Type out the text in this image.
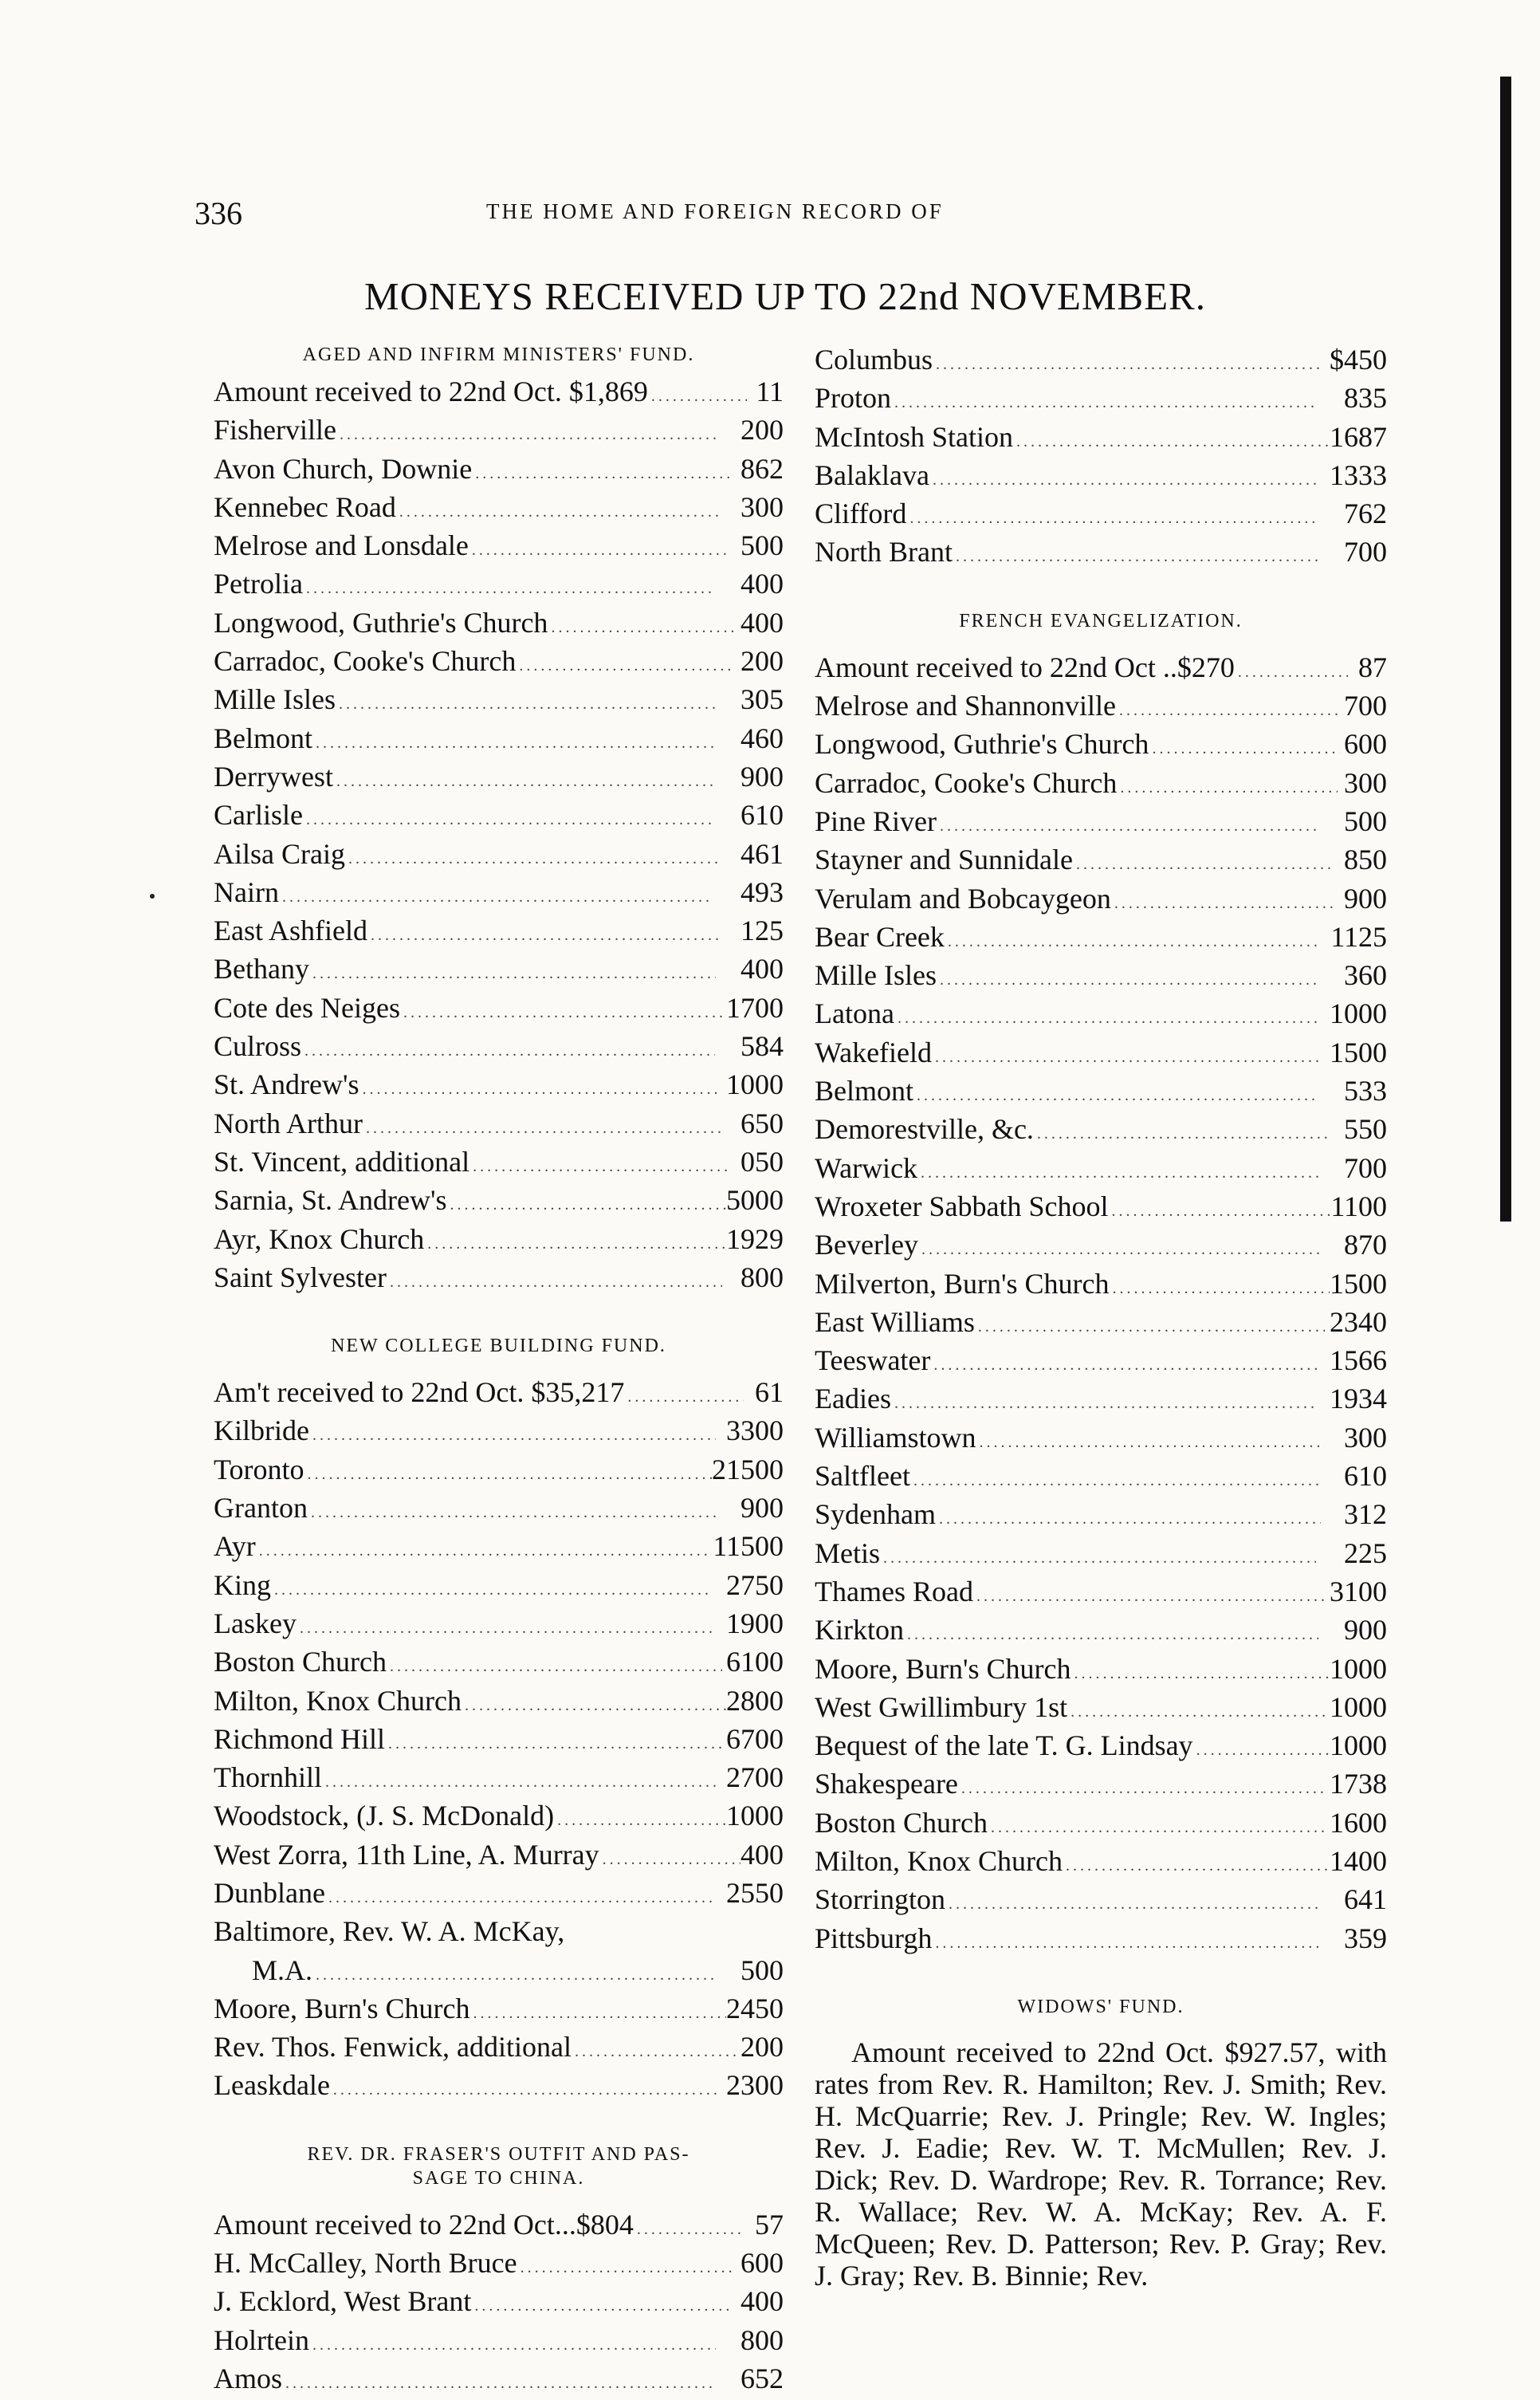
336	THE HOME AND FOREIGN RECORD OF
MONEYS RECEIVED UP TO 22nd NOVEMBER.
AGED AND INFIRM MINISTERS' FUND.
Amount received to 22nd Oct. $1,869 .....	11
Fisherville .....	2 00
Avon Church, Downie .....	8 62
Kennebec Road .....	3 00
Melrose and Lonsdale .....	5 00
Petrolia .....	4 00
Longwood, Guthrie's Church .....	4 00
Carradoc, Cooke's Church .....	2 00
Mille Isles .....	3 05
Belmont .....	4 60
Derrywest .....	9 00
Carlisle .....	6 10
Ailsa Craig .....	4 61
Nairn .....	4 93
East Ashfield .....	1 25
Bethany .....	4 00
Cote des Neiges .....	17 00
Culross .....	5 84
St. Andrew's .....	10 00
North Arthur .....	6 50
St. Vincent, additional .....	0 50
Sarnia, St. Andrew's .....	50 00
Ayr, Knox Church .....	19 29
Saint Sylvester .....	8 00
NEW COLLEGE BUILDING FUND.
Am't received to 22nd Oct. $35,217 .....	61
Kilbride .....	33 00
Toronto .....	215 00
Granton .....	9 00
Ayr .....	115 00
King .....	27 50
Laskey .....	19 00
Boston Church .....	61 00
Milton, Knox Church .....	28 00
Richmond Hill .....	67 00
Thornhill .....	27 00
Woodstock, (J. S. McDonald) .....	10 00
West Zorra, 11th Line, A. Murray .....	4 00
Dunblane .....	25 50
Baltimore, Rev. W. A. McKay,
M.A. .....	5 00
Moore, Burn's Church .....	24 50
Rev. Thos. Fenwick, additional .....	2 00
Leaskdale .....	23 00
REV. DR. FRASER'S OUTFIT AND PAS-
SAGE TO CHINA.
Amount received to 22nd Oct...$804 .....	57
H. McCalley, North Bruce .....	6 00
J. Ecklord, West Brant .....	4 00
Holrtein .....	8 00
Amos .....	6 52
Columbus .....	$4 50
Proton .....	8 35
McIntosh Station .....	16 87
Balaklava .....	13 33
Clifford .....	7 62
North Brant .....	7 00
FRENCH EVANGELIZATION.
Amount received to 22nd Oct ..$270 .....	87
Melrose and Shannonville .....	7 00
Longwood, Guthrie's Church .....	6 00
Carradoc, Cooke's Church .....	3 00
Pine River .....	5 00
Stayner and Sunnidale .....	8 50
Verulam and Bobcaygeon .....	9 00
Bear Creek .....	11 25
Mille Isles .....	3 60
Latona .....	10 00
Wakefield .....	15 00
Belmont .....	5 33
Demorestville, &c. .....	5 50
Warwick .....	7 00
Wroxeter Sabbath School .....	11 00
Beverley .....	8 70
Milverton, Burn's Church .....	15 00
East Williams .....	23 40
Teeswater .....	15 66
Eadies .....	19 34
Williamstown .....	3 00
Saltfleet .....	6 10
Sydenham .....	3 12
Metis .....	2 25
Thames Road .....	31 00
Kirkton .....	9 00
Moore, Burn's Church .....	10 00
West Gwillimbury 1st .....	10 00
Bequest of the late T. G. Lindsay .....	10 00
Shakespeare .....	17 38
Boston Church .....	16 00
Milton, Knox Church .....	14 00
Storrington .....	6 41
Pittsburgh .....	3 59
WIDOWS' FUND.

Amount received to 22nd Oct. $927.57, with rates from Rev. R. Hamilton; Rev. J. Smith; Rev. H. McQuarrie; Rev. J. Pringle; Rev. W. Ingles; Rev. J. Eadie; Rev. W. T. McMullen; Rev. J. Dick; Rev. D. Wardrope; Rev. R. Torrance; Rev. R. Wallace; Rev. W. A. McKay; Rev. A. F. McQueen; Rev. D. Patterson; Rev. P. Gray; Rev. J. Gray; Rev. B. Binnie; Rev.
